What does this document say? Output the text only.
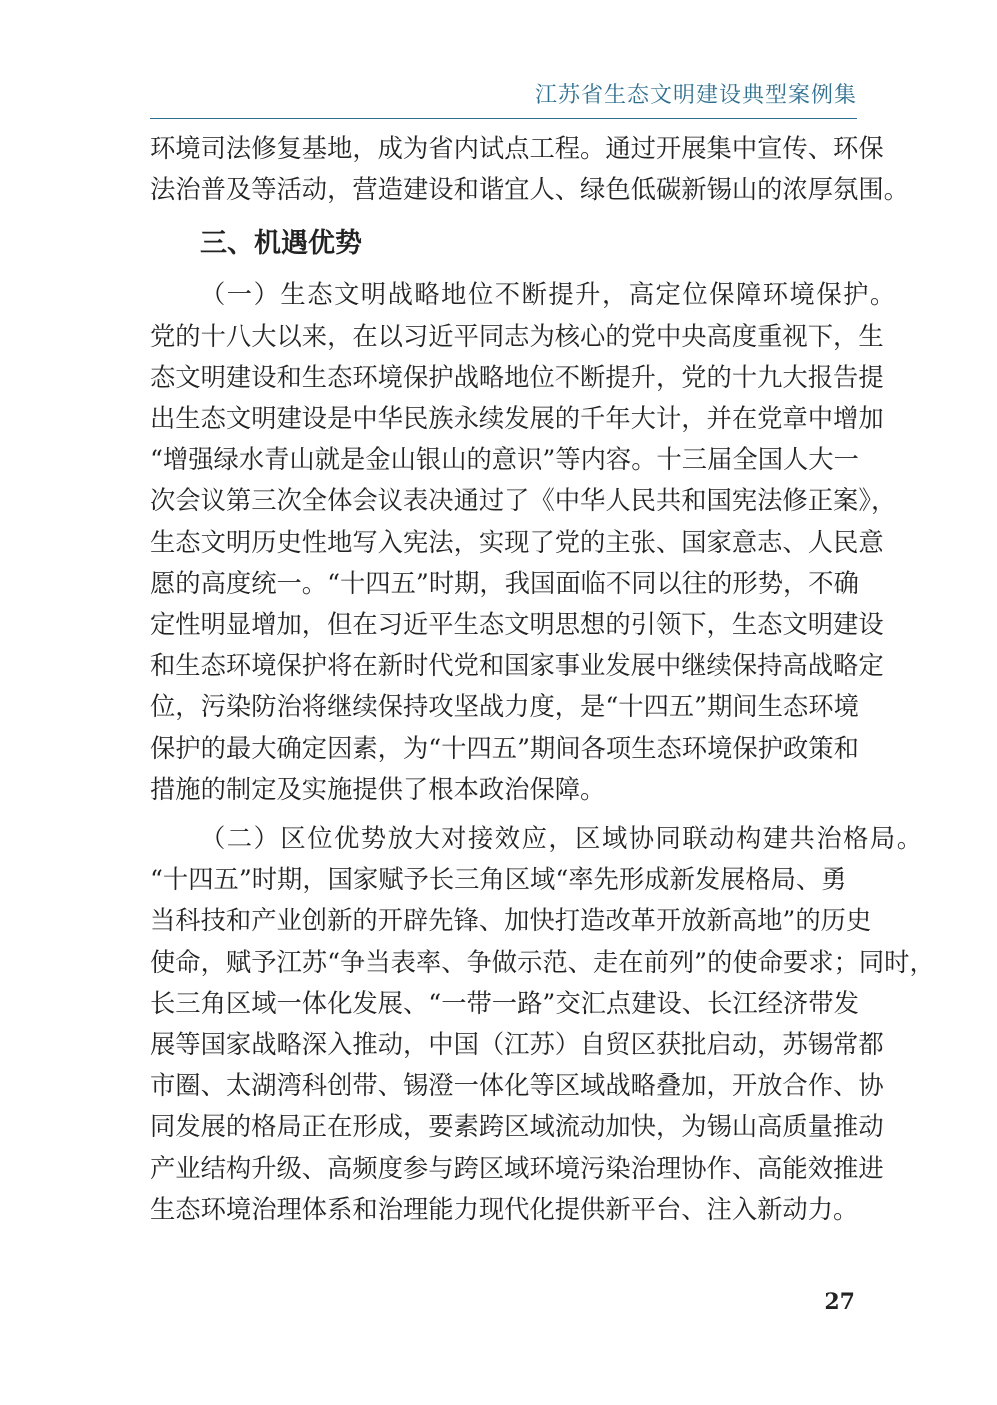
江苏省生态文明建设典型案例集

环境司法修复基地，成为省内试点工程。通过开展集中宣传、环保

法治普及等活动，营造建设和谐宜人、绿色低碳新锡山的浓厚氛围。

三、机遇优势

（一）生态文明战略地位不断提升，高定位保障环境保护。

党的十八大以来，在以习近平同志为核心的党中央高度重视下，生

态文明建设和生态环境保护战略地位不断提升，党的十九大报告提

出生态文明建设是中华民族永续发展的千年大计，并在党章中增加

“增强绿水青山就是金山银山的意识”等内容。十三届全国人大一

次会议第三次全体会议表决通过了《中华人民共和国宪法修正案》，

生态文明历史性地写入宪法，实现了党的主张、国家意志、人民意

愿的高度统一。“十四五”时期，我国面临不同以往的形势，不确

定性明显增加，但在习近平生态文明思想的引领下，生态文明建设

和生态环境保护将在新时代党和国家事业发展中继续保持高战略定

位，污染防治将继续保持攻坚战力度，是“十四五”期间生态环境

保护的最大确定因素，为“十四五”期间各项生态环境保护政策和

措施的制定及实施提供了根本政治保障。

（二）区位优势放大对接效应，区域协同联动构建共治格局。

“十四五”时期，国家赋予长三角区域“率先形成新发展格局、勇

当科技和产业创新的开辟先锋、加快打造改革开放新高地”的历史

使命，赋予江苏“争当表率、争做示范、走在前列”的使命要求；同时，

长三角区域一体化发展、“一带一路”交汇点建设、长江经济带发

展等国家战略深入推动，中国（江苏）自贸区获批启动，苏锡常都

市圈、太湖湾科创带、锡澄一体化等区域战略叠加，开放合作、协

同发展的格局正在形成，要素跨区域流动加快，为锡山高质量推动

产业结构升级、高频度参与跨区域环境污染治理协作、高能效推进

生态环境治理体系和治理能力现代化提供新平台、注入新动力。

27
